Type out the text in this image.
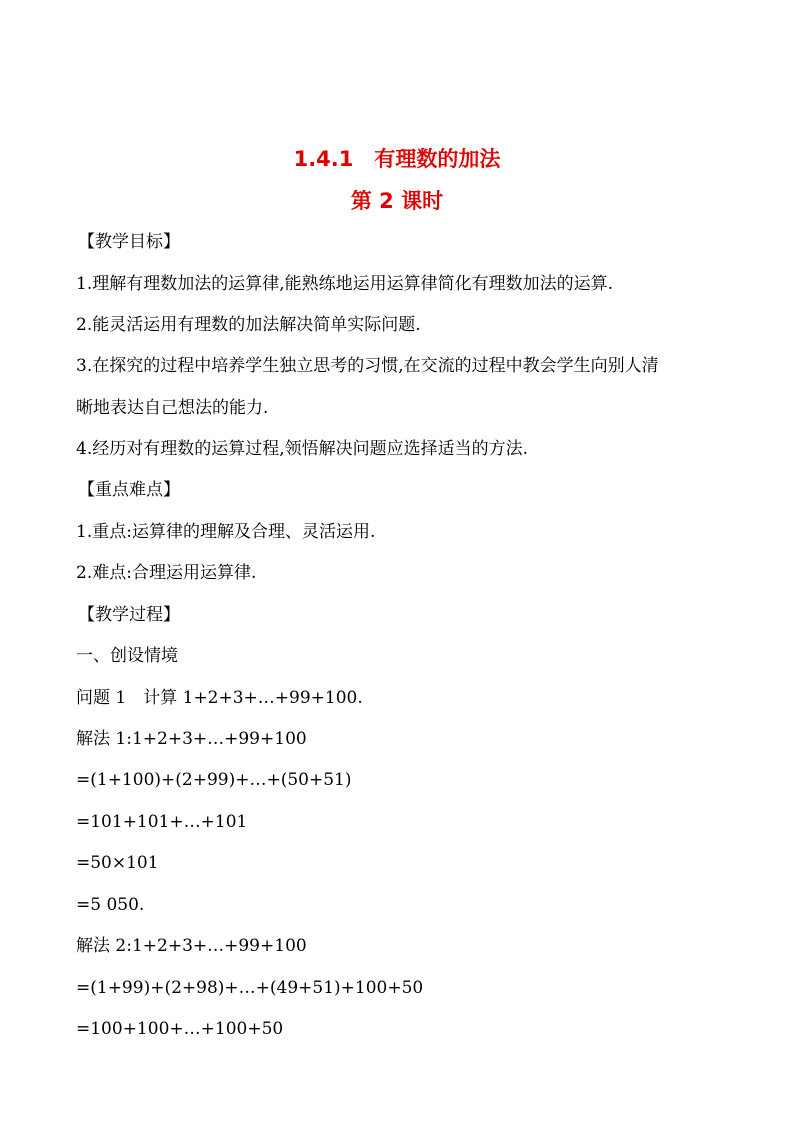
1.4.1　有理数的加法
第 2 课时
【教学目标】
1.理解有理数加法的运算律,能熟练地运用运算律简化有理数加法的运算.
2.能灵活运用有理数的加法解决简单实际问题.
3.在探究的过程中培养学生独立思考的习惯,在交流的过程中教会学生向别人清
晰地表达自己想法的能力.
4.经历对有理数的运算过程,领悟解决问题应选择适当的方法.
【重点难点】
1.重点:运算律的理解及合理、灵活运用.
2.难点:合理运用运算律.
【教学过程】
一、创设情境
问题 1　计算 1+2+3+…+99+100.
解法 1:1+2+3+…+99+100
=(1+100)+(2+99)+…+(50+51)
=101+101+…+101
=50×101
=5 050.
解法 2:1+2+3+…+99+100
=(1+99)+(2+98)+…+(49+51)+100+50
=100+100+…+100+50
